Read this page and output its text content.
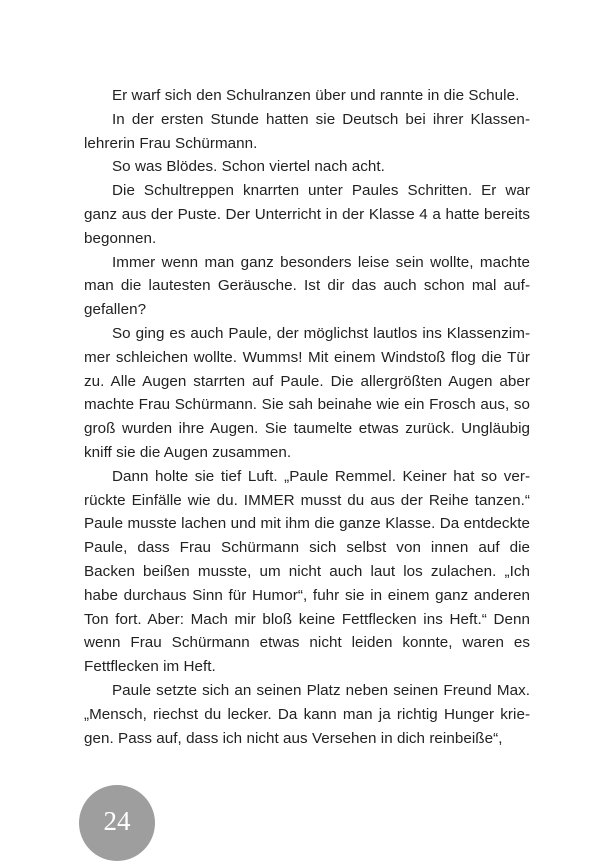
Er warf sich den Schulranzen über und rannte in die Schule.

In der ersten Stunde hatten sie Deutsch bei ihrer Klassenlehrerin Frau Schürmann.

So was Blödes. Schon viertel nach acht.

Die Schultreppen knarrten unter Paules Schritten. Er war ganz aus der Puste. Der Unterricht in der Klasse 4 a hatte bereits begonnen.

Immer wenn man ganz besonders leise sein wollte, machte man die lautesten Geräusche. Ist dir das auch schon mal aufgefallen?

So ging es auch Paule, der möglichst lautlos ins Klassenzimmer schleichen wollte. Wumms! Mit einem Windstoß flog die Tür zu. Alle Augen starrten auf Paule. Die allergrößten Augen aber machte Frau Schürmann. Sie sah beinahe wie ein Frosch aus, so groß wurden ihre Augen. Sie taumelte etwas zurück. Ungläubig kniff sie die Augen zusammen.

Dann holte sie tief Luft. „Paule Remmel. Keiner hat so verrückte Einfälle wie du. IMMER musst du aus der Reihe tanzen.“ Paule musste lachen und mit ihm die ganze Klasse. Da entdeckte Paule, dass Frau Schürmann sich selbst von innen auf die Backen beißen musste, um nicht auch laut los zulachen. „Ich habe durchaus Sinn für Humor“, fuhr sie in einem ganz anderen Ton fort. Aber: Mach mir bloß keine Fettflecken ins Heft.“ Denn wenn Frau Schürmann etwas nicht leiden konnte, waren es Fettflecken im Heft.

Paule setzte sich an seinen Platz neben seinen Freund Max. „Mensch, riechst du lecker. Da kann man ja richtig Hunger kriegen. Pass auf, dass ich nicht aus Versehen in dich reinbeiße“,

24
